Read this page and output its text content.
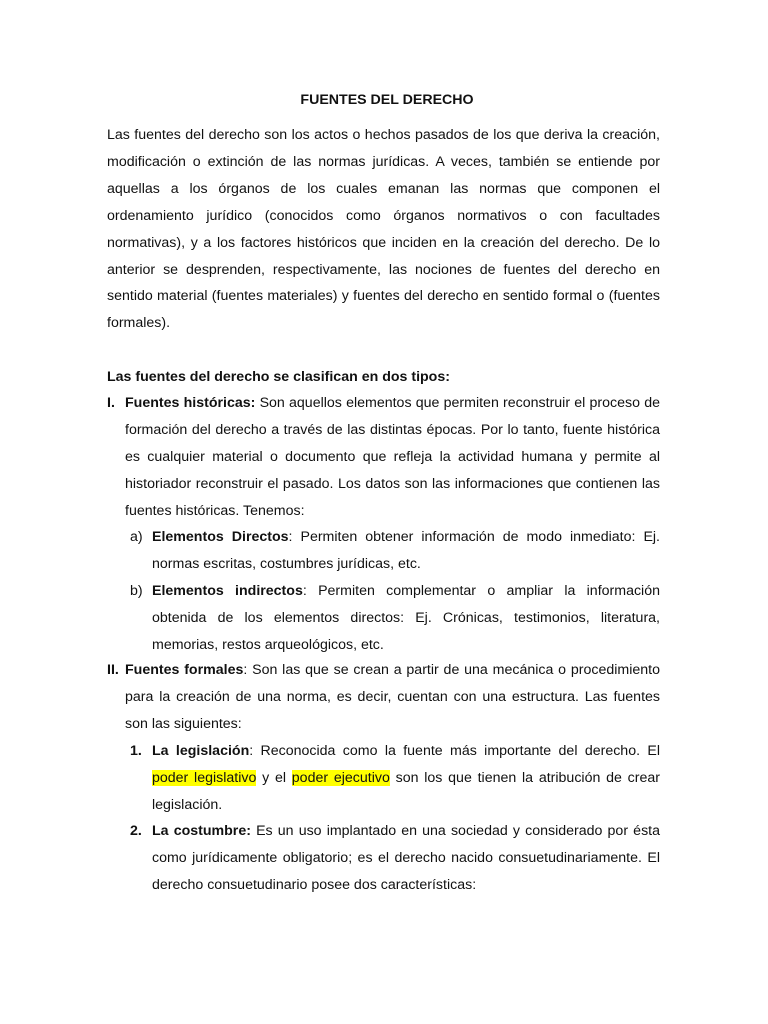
FUENTES DEL DERECHO

Las fuentes del derecho son los actos o hechos pasados de los que deriva la creación, modificación o extinción de las normas jurídicas. A veces, también se entiende por aquellas a los órganos de los cuales emanan las normas que componen el ordenamiento jurídico (conocidos como órganos normativos o con facultades normativas), y a los factores históricos que inciden en la creación del derecho. De lo anterior se desprenden, respectivamente, las nociones de fuentes del derecho en sentido material (fuentes materiales) y fuentes del derecho en sentido formal o (fuentes formales).

Las fuentes del derecho se clasifican en dos tipos:
I. Fuentes históricas: Son aquellos elementos que permiten reconstruir el proceso de formación del derecho a través de las distintas épocas. Por lo tanto, fuente histórica es cualquier material o documento que refleja la actividad humana y permite al historiador reconstruir el pasado. Los datos son las informaciones que contienen las fuentes históricas. Tenemos:

a) Elementos Directos: Permiten obtener información de modo inmediato: Ej. normas escritas, costumbres jurídicas, etc.

b) Elementos indirectos: Permiten complementar o ampliar la información obtenida de los elementos directos: Ej. Crónicas, testimonios, literatura, memorias, restos arqueológicos, etc.

II. Fuentes formales: Son las que se crean a partir de una mecánica o procedimiento para la creación de una norma, es decir, cuentan con una estructura. Las fuentes son las siguientes:

1. La legislación: Reconocida como la fuente más importante del derecho. El poder legislativo y el poder ejecutivo son los que tienen la atribución de crear legislación.

2. La costumbre: Es un uso implantado en una sociedad y considerado por ésta como jurídicamente obligatorio; es el derecho nacido consuetudinariamente. El derecho consuetudinario posee dos características:
